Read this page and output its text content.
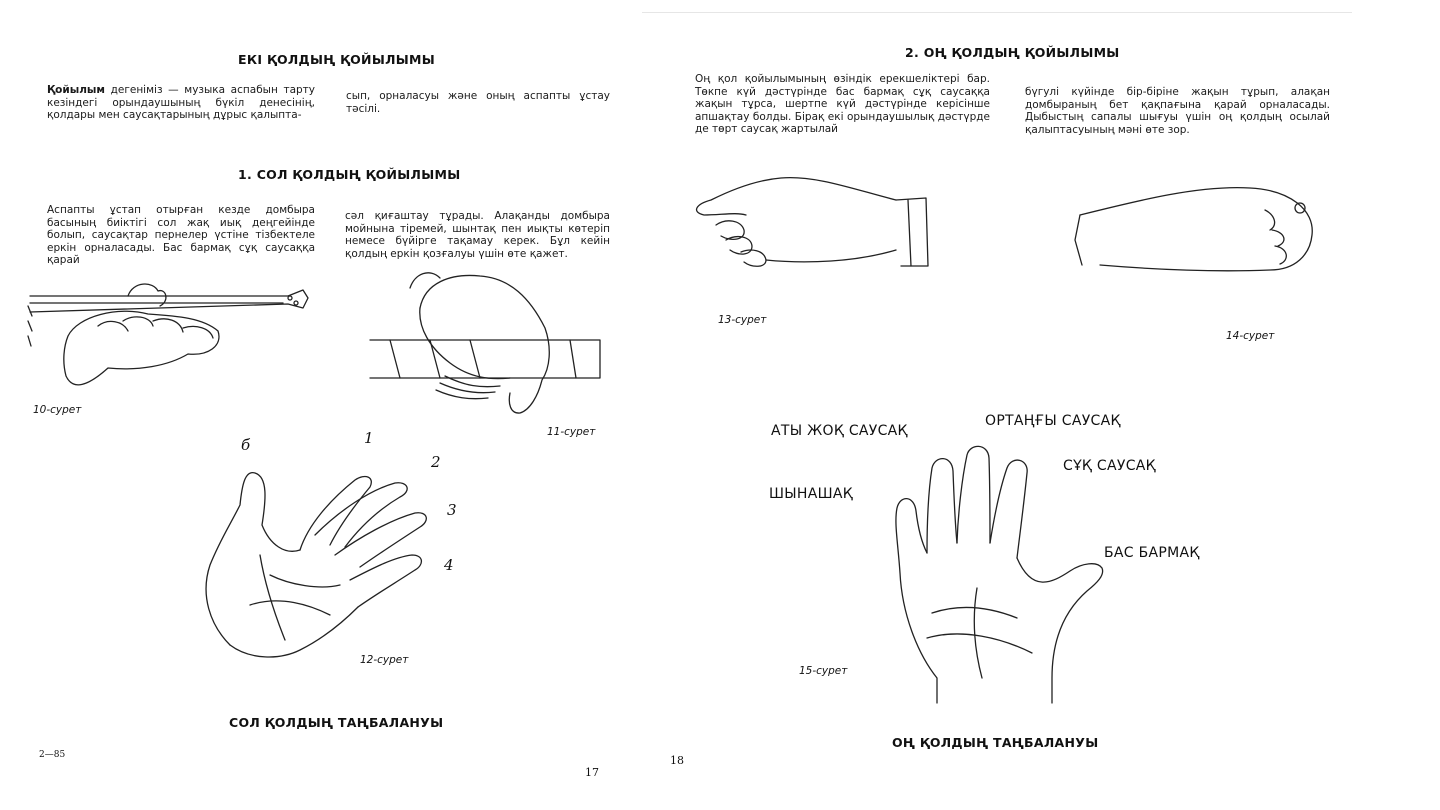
ЕКІ ҚОЛДЫҢ ҚОЙЫЛЫМЫ
Қойылым дегеніміз — музыка аспабын тарту кезіндегі орындаушының бүкіл денесінің, қолдары мен саусақтарының дұрыс қалыпта-
сып, орналасуы және оның аспапты ұстау тәсілі.
1. СОЛ ҚОЛДЫҢ ҚОЙЫЛЫМЫ
Аспапты ұстап отырған кезде домбыра басының биіктігі сол жақ иық деңгейінде болып, саусақтар пернелер үстіне тізбектеле еркін орналасады. Бас бармақ сұқ саусаққа қарай
сәл қиғаштау тұрады. Алақанды домбыра мойнына тіремей, шынтақ пен иықты көтеріп немесе бүйірге тақамау керек. Бұл кейін қолдың еркін қозғалуы үшін өте қажет.
10-сурет
11-сурет
б	1
2
3
4
12-сурет
СОЛ ҚОЛДЫҢ ТАҢБАЛАНУЫ
2—85
17
2. ОҢ ҚОЛДЫҢ ҚОЙЫЛЫМЫ
Оң қол қойылымының өзіндік ерекшеліктері бар. Төкпе күй дәстүрінде бас бармақ сұқ саусаққа жақын тұрса, шертпе күй дәстүрінде керісінше апшақтау болды. Бірақ екі орындаушылық дәстүрде де төрт саусақ жартылай
бүгулі күйінде бір-біріне жақын тұрып, алақан домбыраның бет қақпағына қарай орналасады. Дыбыстың сапалы шығуы үшін оң қолдың осылай қалыптасуының мәні өте зор.
13-сурет
14-сурет
АТЫ ЖОҚ САУСАҚ
ОРТАҢҒЫ САУСАҚ
СҰҚ САУСАҚ
ШЫНАШАҚ
БАС БАРМАҚ
15-сурет
ОҢ ҚОЛДЫҢ ТАҢБАЛАНУЫ
18
